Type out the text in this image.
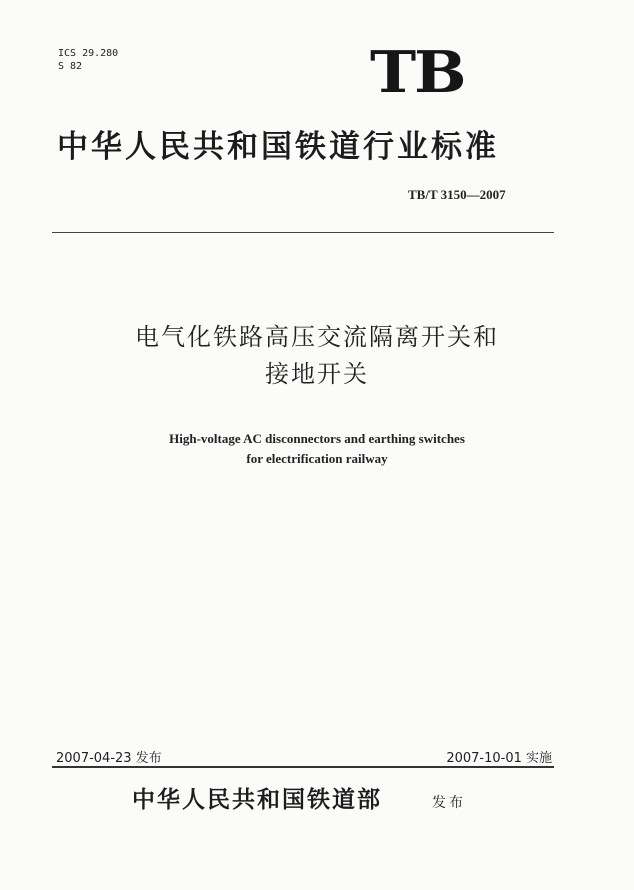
ICS 29.280
S 82	TB
中华人民共和国铁道行业标准
TB/T 3150—2007
电气化铁路高压交流隔离开关和
接地开关
High-voltage AC disconnectors and earthing switches
for electrification railway
2007-04-23 发布	2007-10-01 实施
中华人民共和国铁道部	发布
